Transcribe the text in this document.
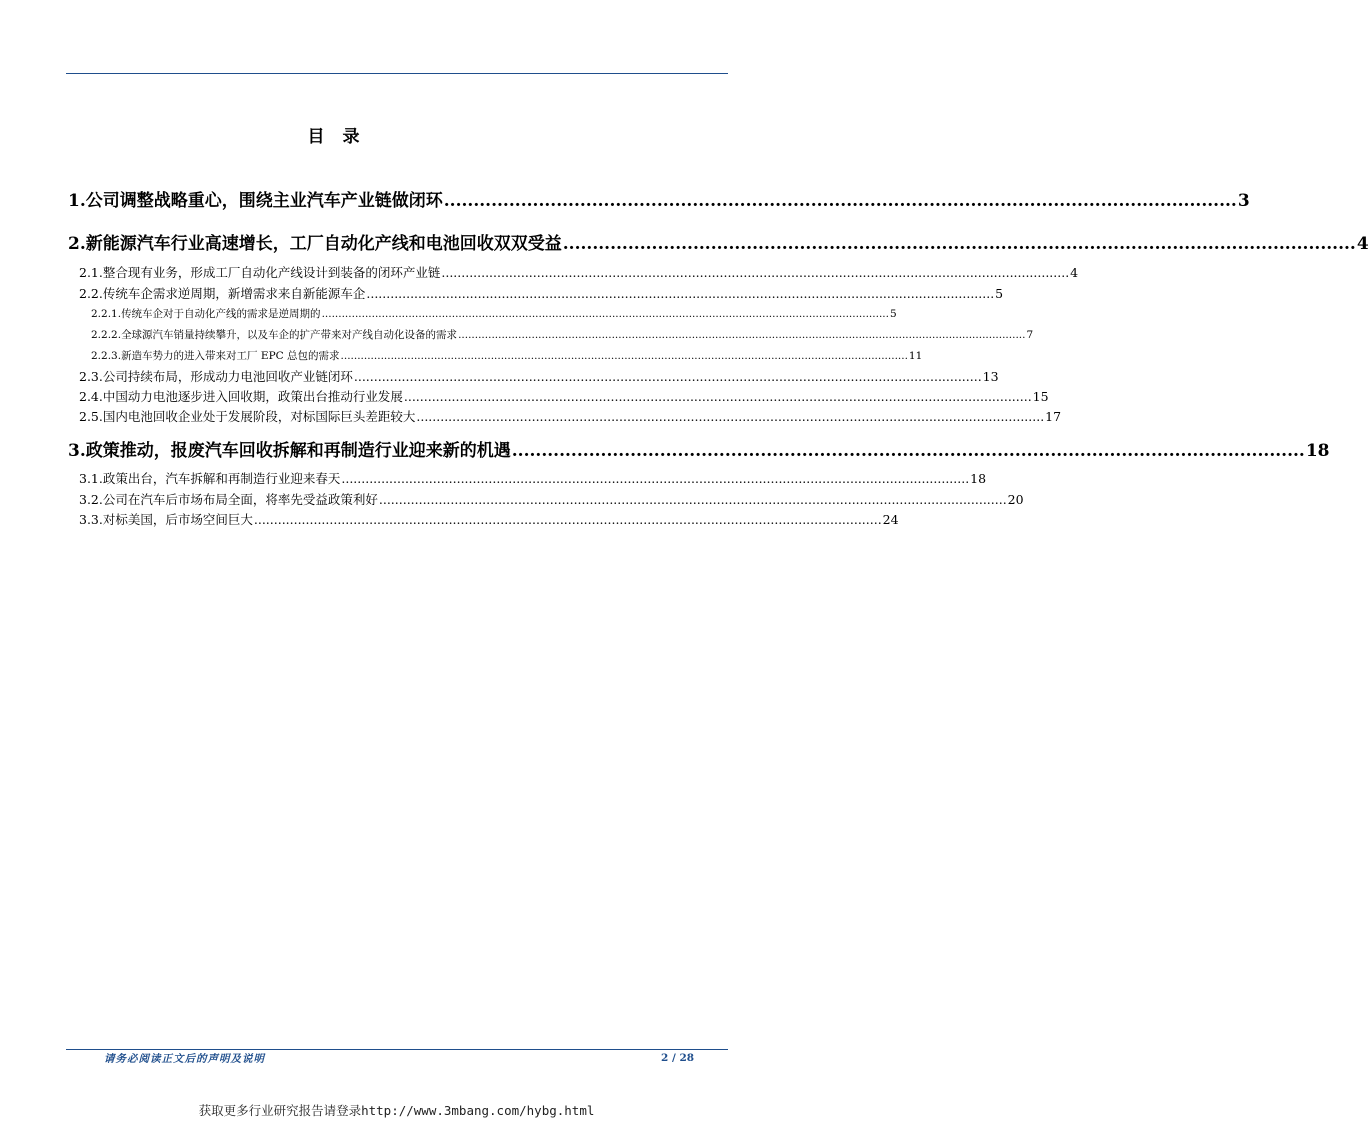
目 录
1. 公司调整战略重心，围绕主业汽车产业链做闭环 ...................................................................................................................................... 3
2. 新能源汽车行业高速增长，工厂自动化产线和电池回收双双受益 ...................................................................................................................................... 4
2.1. 整合现有业务，形成工厂自动化产线设计到装备的闭环产业链 .............................................................................................................................................................. 4
2.2. 传统车企需求逆周期，新增需求来自新能源车企 .............................................................................................................................................................. 5
2.2.1. 传统车企对于自动化产线的需求是逆周期的 .......................................................................................................................................................................... 5
2.2.2. 全球源汽车销量持续攀升，以及车企的扩产带来对产线自动化设备的需求 .......................................................................................................................................................................... 7
2.2.3. 新造车势力的进入带来对工厂 EPC 总包的需求 .......................................................................................................................................................................... 11
2.3. 公司持续布局，形成动力电池回收产业链闭环 .............................................................................................................................................................. 13
2.4. 中国动力电池逐步进入回收期，政策出台推动行业发展 .............................................................................................................................................................. 15
2.5. 国内电池回收企业处于发展阶段，对标国际巨头差距较大 .............................................................................................................................................................. 17
3. 政策推动，报废汽车回收拆解和再制造行业迎来新的机遇 ...................................................................................................................................... 18
3.1. 政策出台，汽车拆解和再制造行业迎来春天 .............................................................................................................................................................. 18
3.2. 公司在汽车后市场布局全面，将率先受益政策利好 .............................................................................................................................................................. 20
3.3. 对标美国，后市场空间巨大 .............................................................................................................................................................. 24
请务必阅读正文后的声明及说明	2 / 28
获取更多行业研究报告请登录http://www.3mbang.com/hybg.html
